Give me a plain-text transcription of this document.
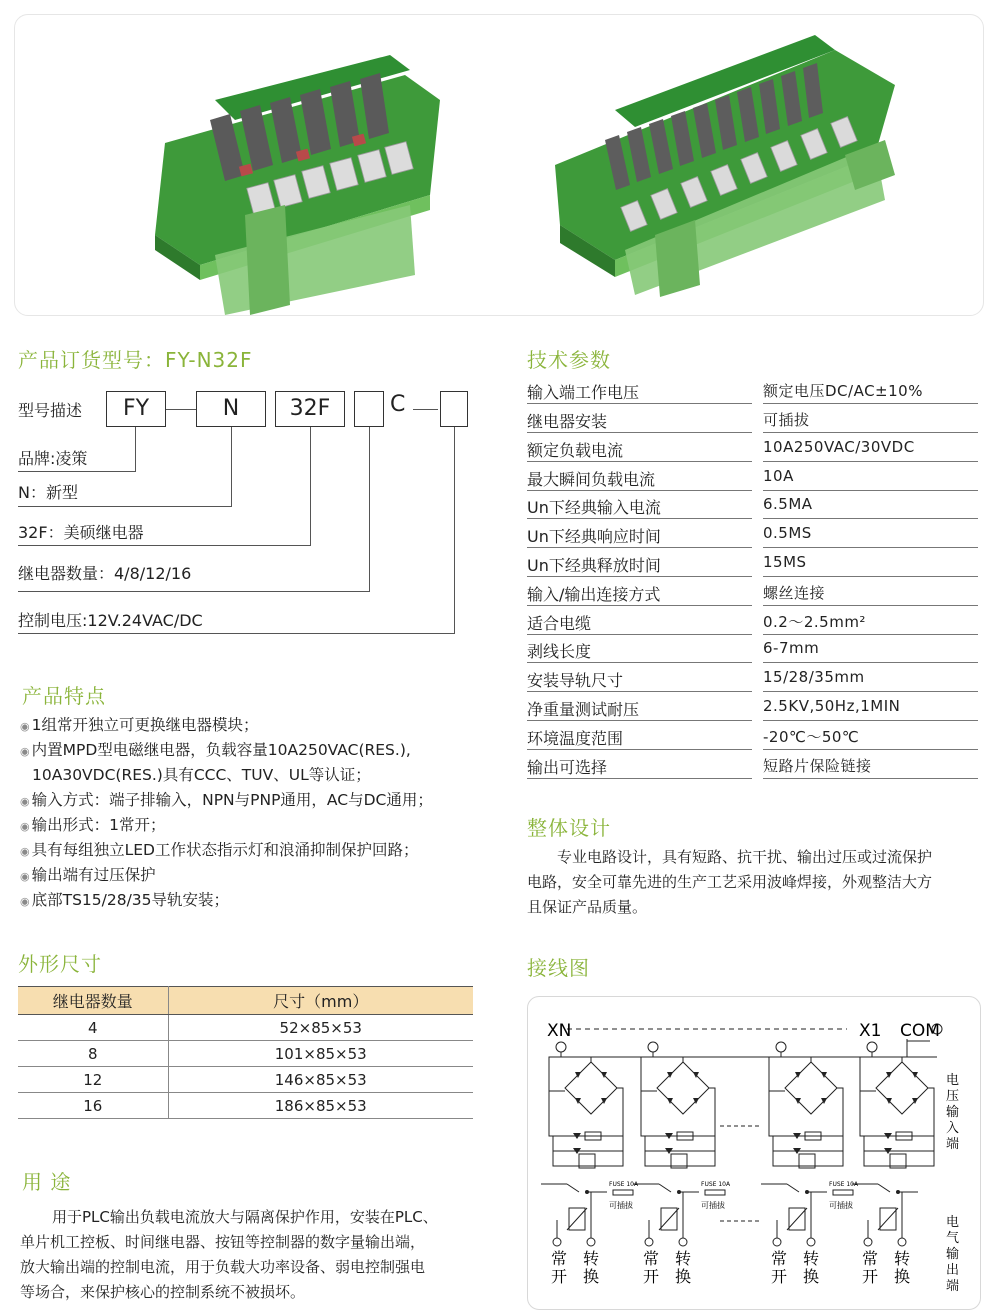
产品订货型号：FY-N32F
型号描述	FY	N	32F	C
品牌:凌策
N：新型
32F：美硕继电器
继电器数量：4/8/12/16
控制电压:12V.24VAC/DC
产品特点
◉ 1组常开独立可更换继电器模块；
◉ 内置MPD型电磁继电器，负载容量10A250VAC(RES.),
10A30VDC(RES.)具有CCC、TUV、UL等认证；
◉ 输入方式：端子排输入，NPN与PNP通用，AC与DC通用；
◉ 输出形式：1常开；
◉ 具有每组独立LED工作状态指示灯和浪涌抑制保护回路；
◉ 输出端有过压保护
◉ 底部TS15/28/35导轨安装；
外形尺寸
继电器数量	尺寸（mm）
4	52×85×53
8	101×85×53
12	146×85×53
16	186×85×53
用 途
用于PLC输出负载电流放大与隔离保护作用，安装在PLC、
单片机工控板、时间继电器、按钮等控制器的数字量输出端，
放大输出端的控制电流，用于负载大功率设备、弱电控制强电
等场合，来保护核心的控制系统不被损坏。
技术参数
输入端工作电压	额定电压DC/AC±10%
继电器安装	可插拔
额定负载电流	10A250VAC/30VDC
最大瞬间负载电流	10A
Un下经典输入电流	6.5MA
Un下经典响应时间	0.5MS
Un下经典释放时间	15MS
输入/输出连接方式	螺丝连接
适合电缆	0.2～2.5mm²
剥线长度	6-7mm
安装导轨尺寸	15/28/35mm
净重量测试耐压	2.5KV,50Hz,1MIN
环境温度范围	-20℃～50℃
输出可选择	短路片保险链接
整体设计
专业电路设计，具有短路、抗干扰、输出过压或过流保护
电路，安全可靠先进的生产工艺采用波峰焊接，外观整洁大方
且保证产品质量。
接线图
常
开
转
换
FUSE 10A
可插拔
常
开
转
换
FUSE 10A
可插拔
常
开
转
换
FUSE 10A
可插拔
常
开
转
换
XN	X1 COM
电
压
输
入
端
电
气
输
出
端
